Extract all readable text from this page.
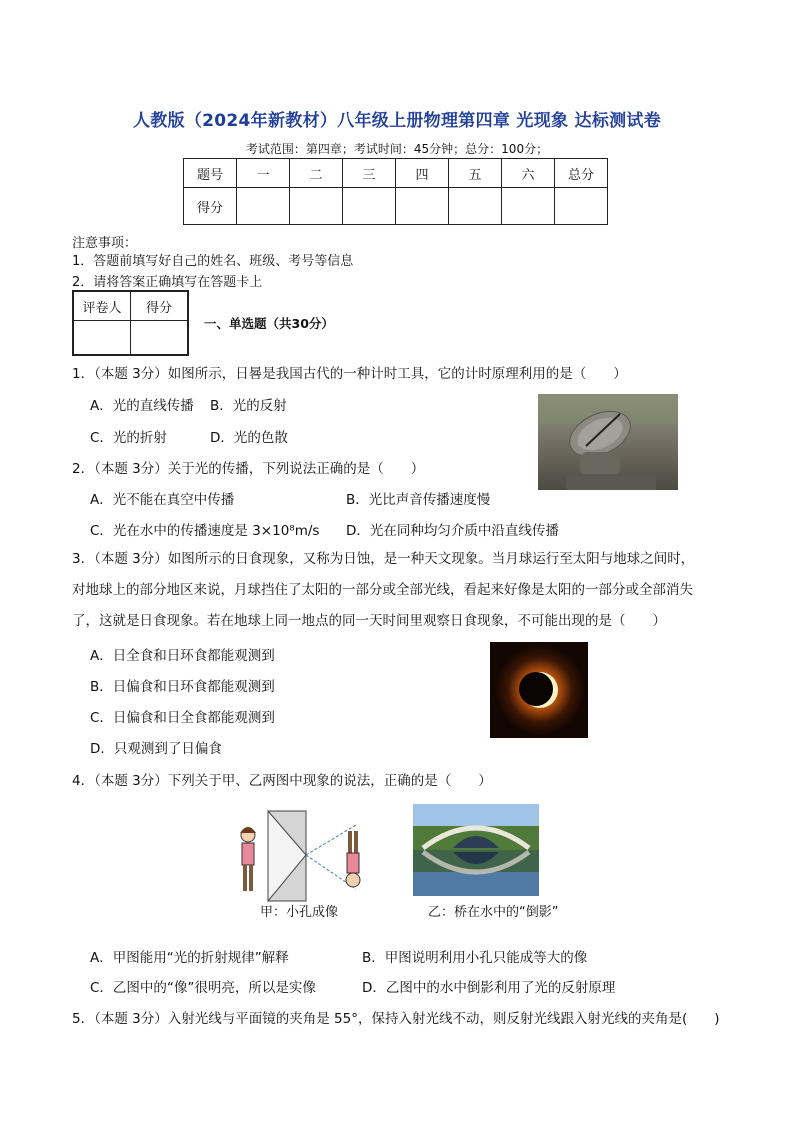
人教版（2024年新教材）八年级上册物理第四章 光现象 达标测试卷
考试范围：第四章；考试时间：45分钟；总分：100分；
题号	一	二	三	四	五	六	总分
得分							
注意事项：
1．答题前填写好自己的姓名、班级、考号等信息
2．请将答案正确填写在答题卡上
评卷人	得分

一、单选题（共30分）
1．（本题 3分）如图所示，日晷是我国古代的一种计时工具，它的计时原理利用的是（　　）
A．光的直线传播 B．光的反射
C．光的折射	D．光的色散
2．（本题 3分）关于光的传播，下列说法正确的是（　　）
A．光不能在真空中传播	B．光比声音传播速度慢
C．光在水中的传播速度是 3×10⁸m/s D．光在同种均匀介质中沿直线传播
3．（本题 3分）如图所示的日食现象，又称为日蚀，是一种天文现象。当月球运行至太阳与地球之间时，
对地球上的部分地区来说，月球挡住了太阳的一部分或全部光线，看起来好像是太阳的一部分或全部消失
了，这就是日食现象。若在地球上同一地点的同一天时间里观察日食现象，不可能出现的是（　　）
A．日全食和日环食都能观测到
B．日偏食和日环食都能观测到
C．日偏食和日全食都能观测到
D．只观测到了日偏食
4．（本题 3分）下列关于甲、乙两图中现象的说法，正确的是（　　）
甲：小孔成像	乙：桥在水中的“倒影”
A．甲图能用“光的折射规律”解释	B．甲图说明利用小孔只能成等大的像
C．乙图中的“像”很明亮，所以是实像	D．乙图中的水中倒影利用了光的反射原理
5．（本题 3分）入射光线与平面镜的夹角是 55°，保持入射光线不动，则反射光线跟入射光线的夹角是(　　)
